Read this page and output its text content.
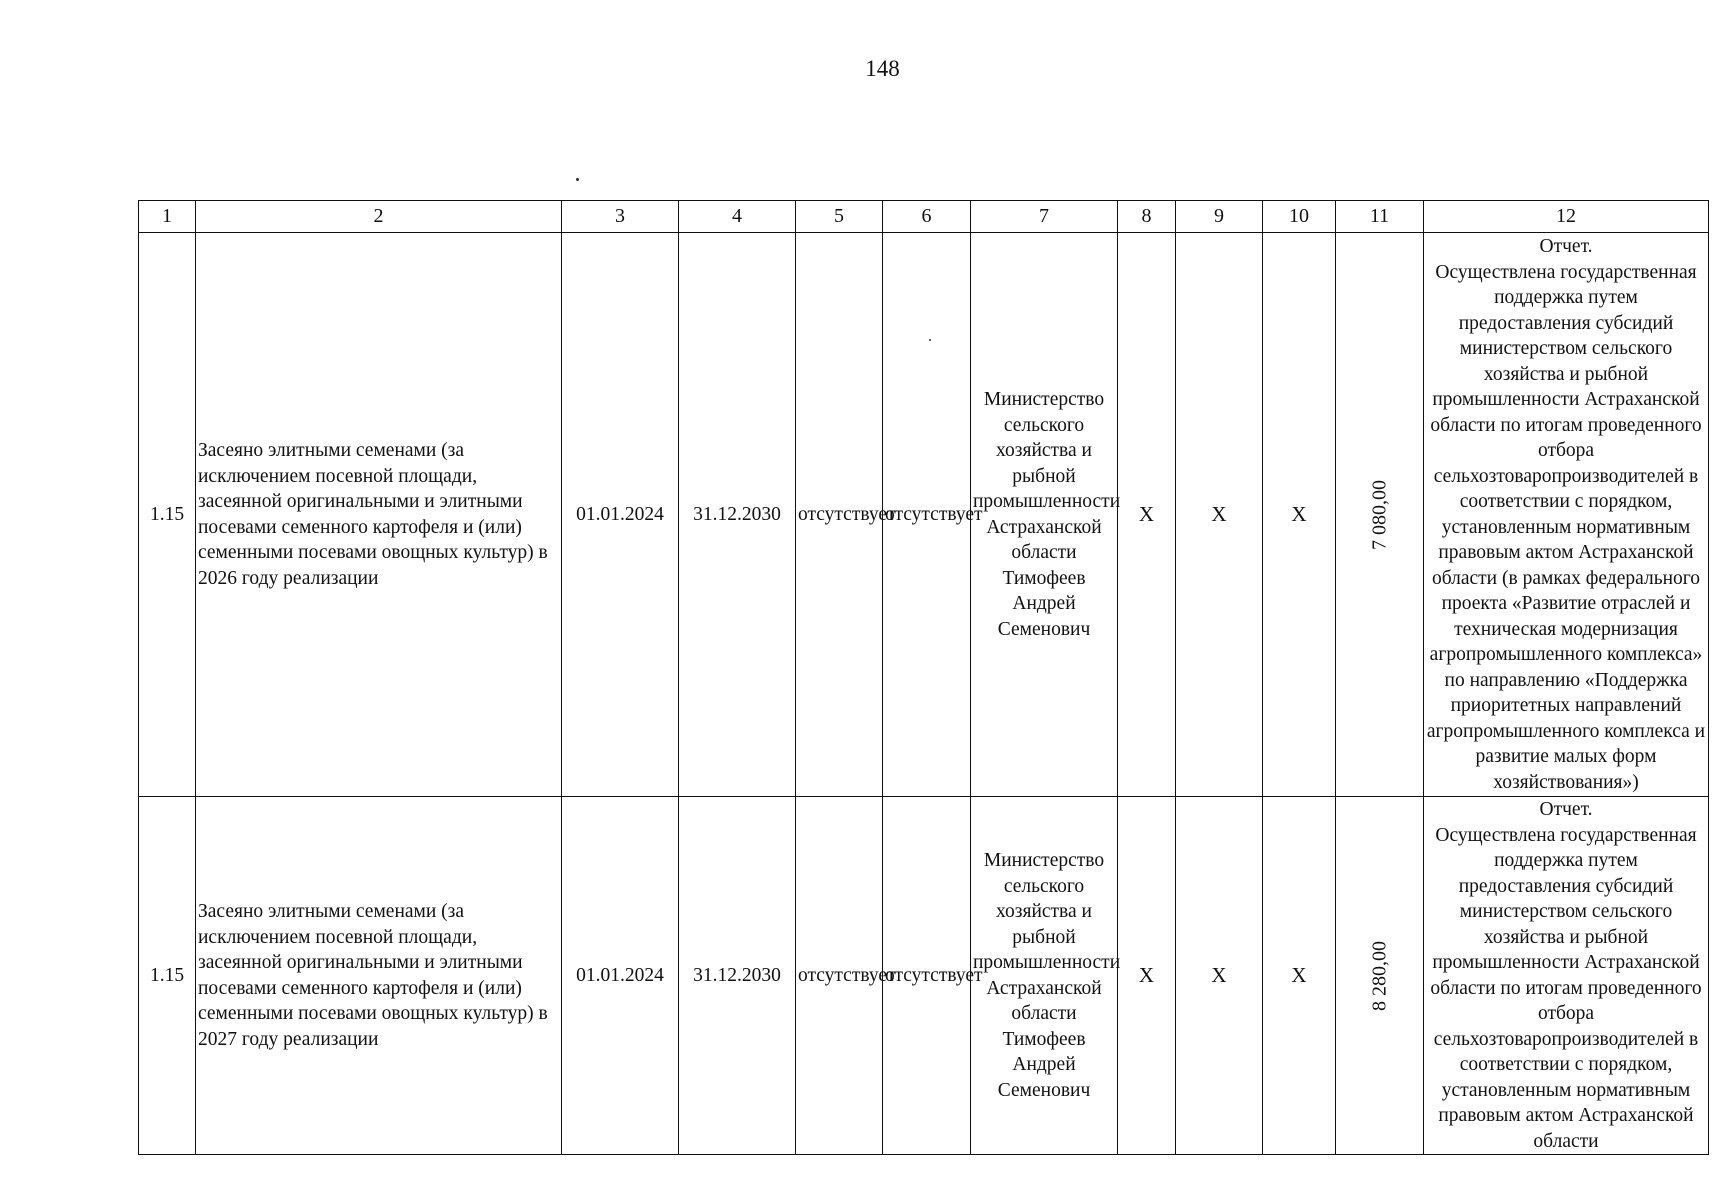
148
1	2	3	4	5	6	7	8	9	10	11	12
1.15	Засеяно элитными семенами (за исключением посевной площади, засеянной оригинальными и элитными посевами семенного картофеля и (или) семенными посевами овощных культур) в 2026 году реализации	01.01.2024	31.12.2030	отсутствует	отсутствует	Министерство сельского хозяйства и рыбной промышленности Астраханской области Тимофеев Андрей Семенович	Х	Х	Х	7 080,00	Отчет.
Осуществлена государственная поддержка путем предоставления субсидий министерством сельского хозяйства и рыбной промышленности Астраханской области по итогам проведенного отбора сельхозтоваропроизводителей в соответствии с порядком, установленным нормативным правовым актом Астраханской области (в рамках федерального проекта «Развитие отраслей и техническая модернизация агропромышленного комплекса» по направлению «Поддержка приоритетных направлений агропромышленного комплекса и развитие малых форм хозяйствования»)

1.15	Засеяно элитными семенами (за исключением посевной площади, засеянной оригинальными и элитными посевами семенного картофеля и (или) семенными посевами овощных культур) в 2027 году реализации	01.01.2024	31.12.2030	отсутствует	отсутствует	Министерство сельского хозяйства и рыбной промышленности Астраханской области Тимофеев Андрей Семенович	Х	Х	Х	8 280,00	Отчет.
Осуществлена государственная поддержка путем предоставления субсидий министерством сельского хозяйства и рыбной промышленности Астраханской области по итогам проведенного отбора сельхозтоваропроизводителей в соответствии с порядком, установленным нормативным правовым актом Астраханской области
